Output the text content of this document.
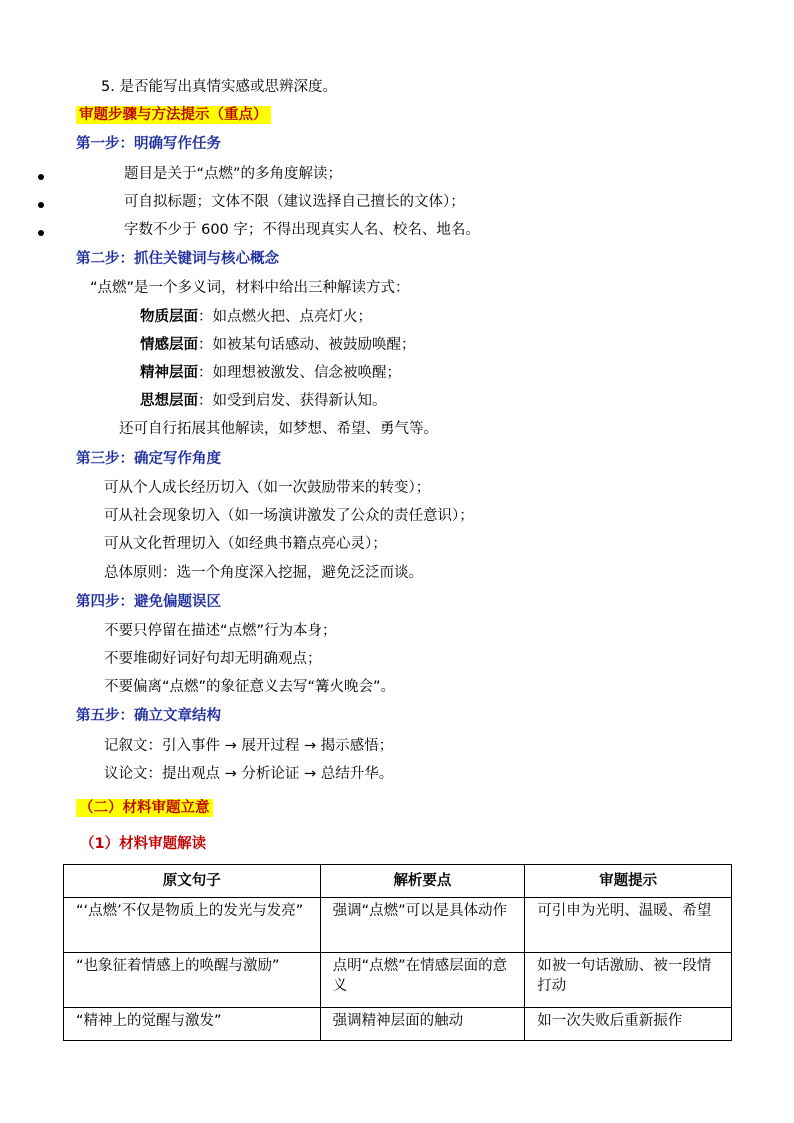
5. 是否能写出真情实感或思辨深度。
审题步骤与方法提示（重点）
第一步：明确写作任务
题目是关于“点燃”的多角度解读；
可自拟标题；文体不限（建议选择自己擅长的文体）；
字数不少于 600 字；不得出现真实人名、校名、地名。
第二步：抓住关键词与核心概念
“点燃”是一个多义词，材料中给出三种解读方式：
物质层面：如点燃火把、点亮灯火；
情感层面：如被某句话感动、被鼓励唤醒；
精神层面：如理想被激发、信念被唤醒；
思想层面：如受到启发、获得新认知。
还可自行拓展其他解读，如梦想、希望、勇气等。
第三步：确定写作角度
可从个人成长经历切入（如一次鼓励带来的转变）；
可从社会现象切入（如一场演讲激发了公众的责任意识）；
可从文化哲理切入（如经典书籍点亮心灵）；
总体原则：选一个角度深入挖掘，避免泛泛而谈。
第四步：避免偏题误区
不要只停留在描述“点燃”行为本身；
不要堆砌好词好句却无明确观点；
不要偏离“点燃”的象征意义去写“篝火晚会”。
第五步：确立文章结构
记叙文：引入事件 → 展开过程 → 揭示感悟；
议论文：提出观点 → 分析论证 → 总结升华。
（二）材料审题立意
（1）材料审题解读
原文句子	解析要点	审题提示
“‘点燃’不仅是物质上的发光与发亮”	强调“点燃”可以是具体动作	可引申为光明、温暖、希望
“也象征着情感上的唤醒与激励”	点明“点燃”在情感层面的意义	如被一句话激励、被一段情打动
“精神上的觉醒与激发”	强调精神层面的触动	如一次失败后重新振作
